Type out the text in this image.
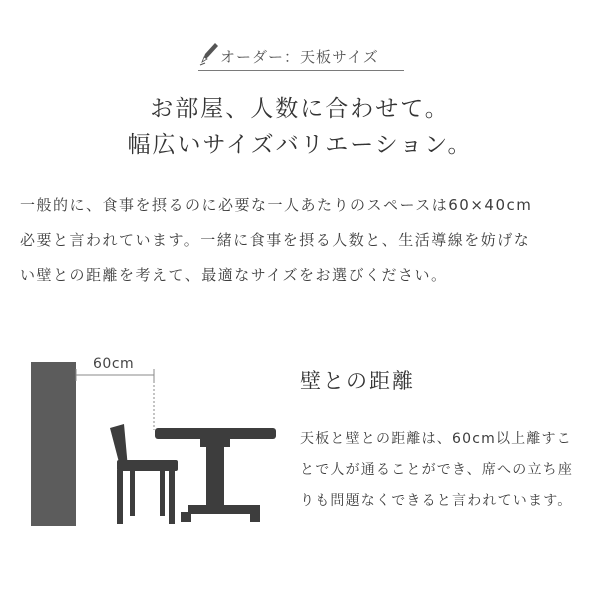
オーダー：天板サイズ
お部屋、人数に合わせて。
幅広いサイズバリエーション。
一般的に、食事を摂るのに必要な一人あたりのスペースは60×40cm
必要と言われています。一緒に食事を摂る人数と、生活導線を妨げな
い壁との距離を考えて、最適なサイズをお選びください。
60cm
壁との距離
天板と壁との距離は、60cm以上離すこ
とで人が通ることができ、席への立ち座
りも問題なくできると言われています。
